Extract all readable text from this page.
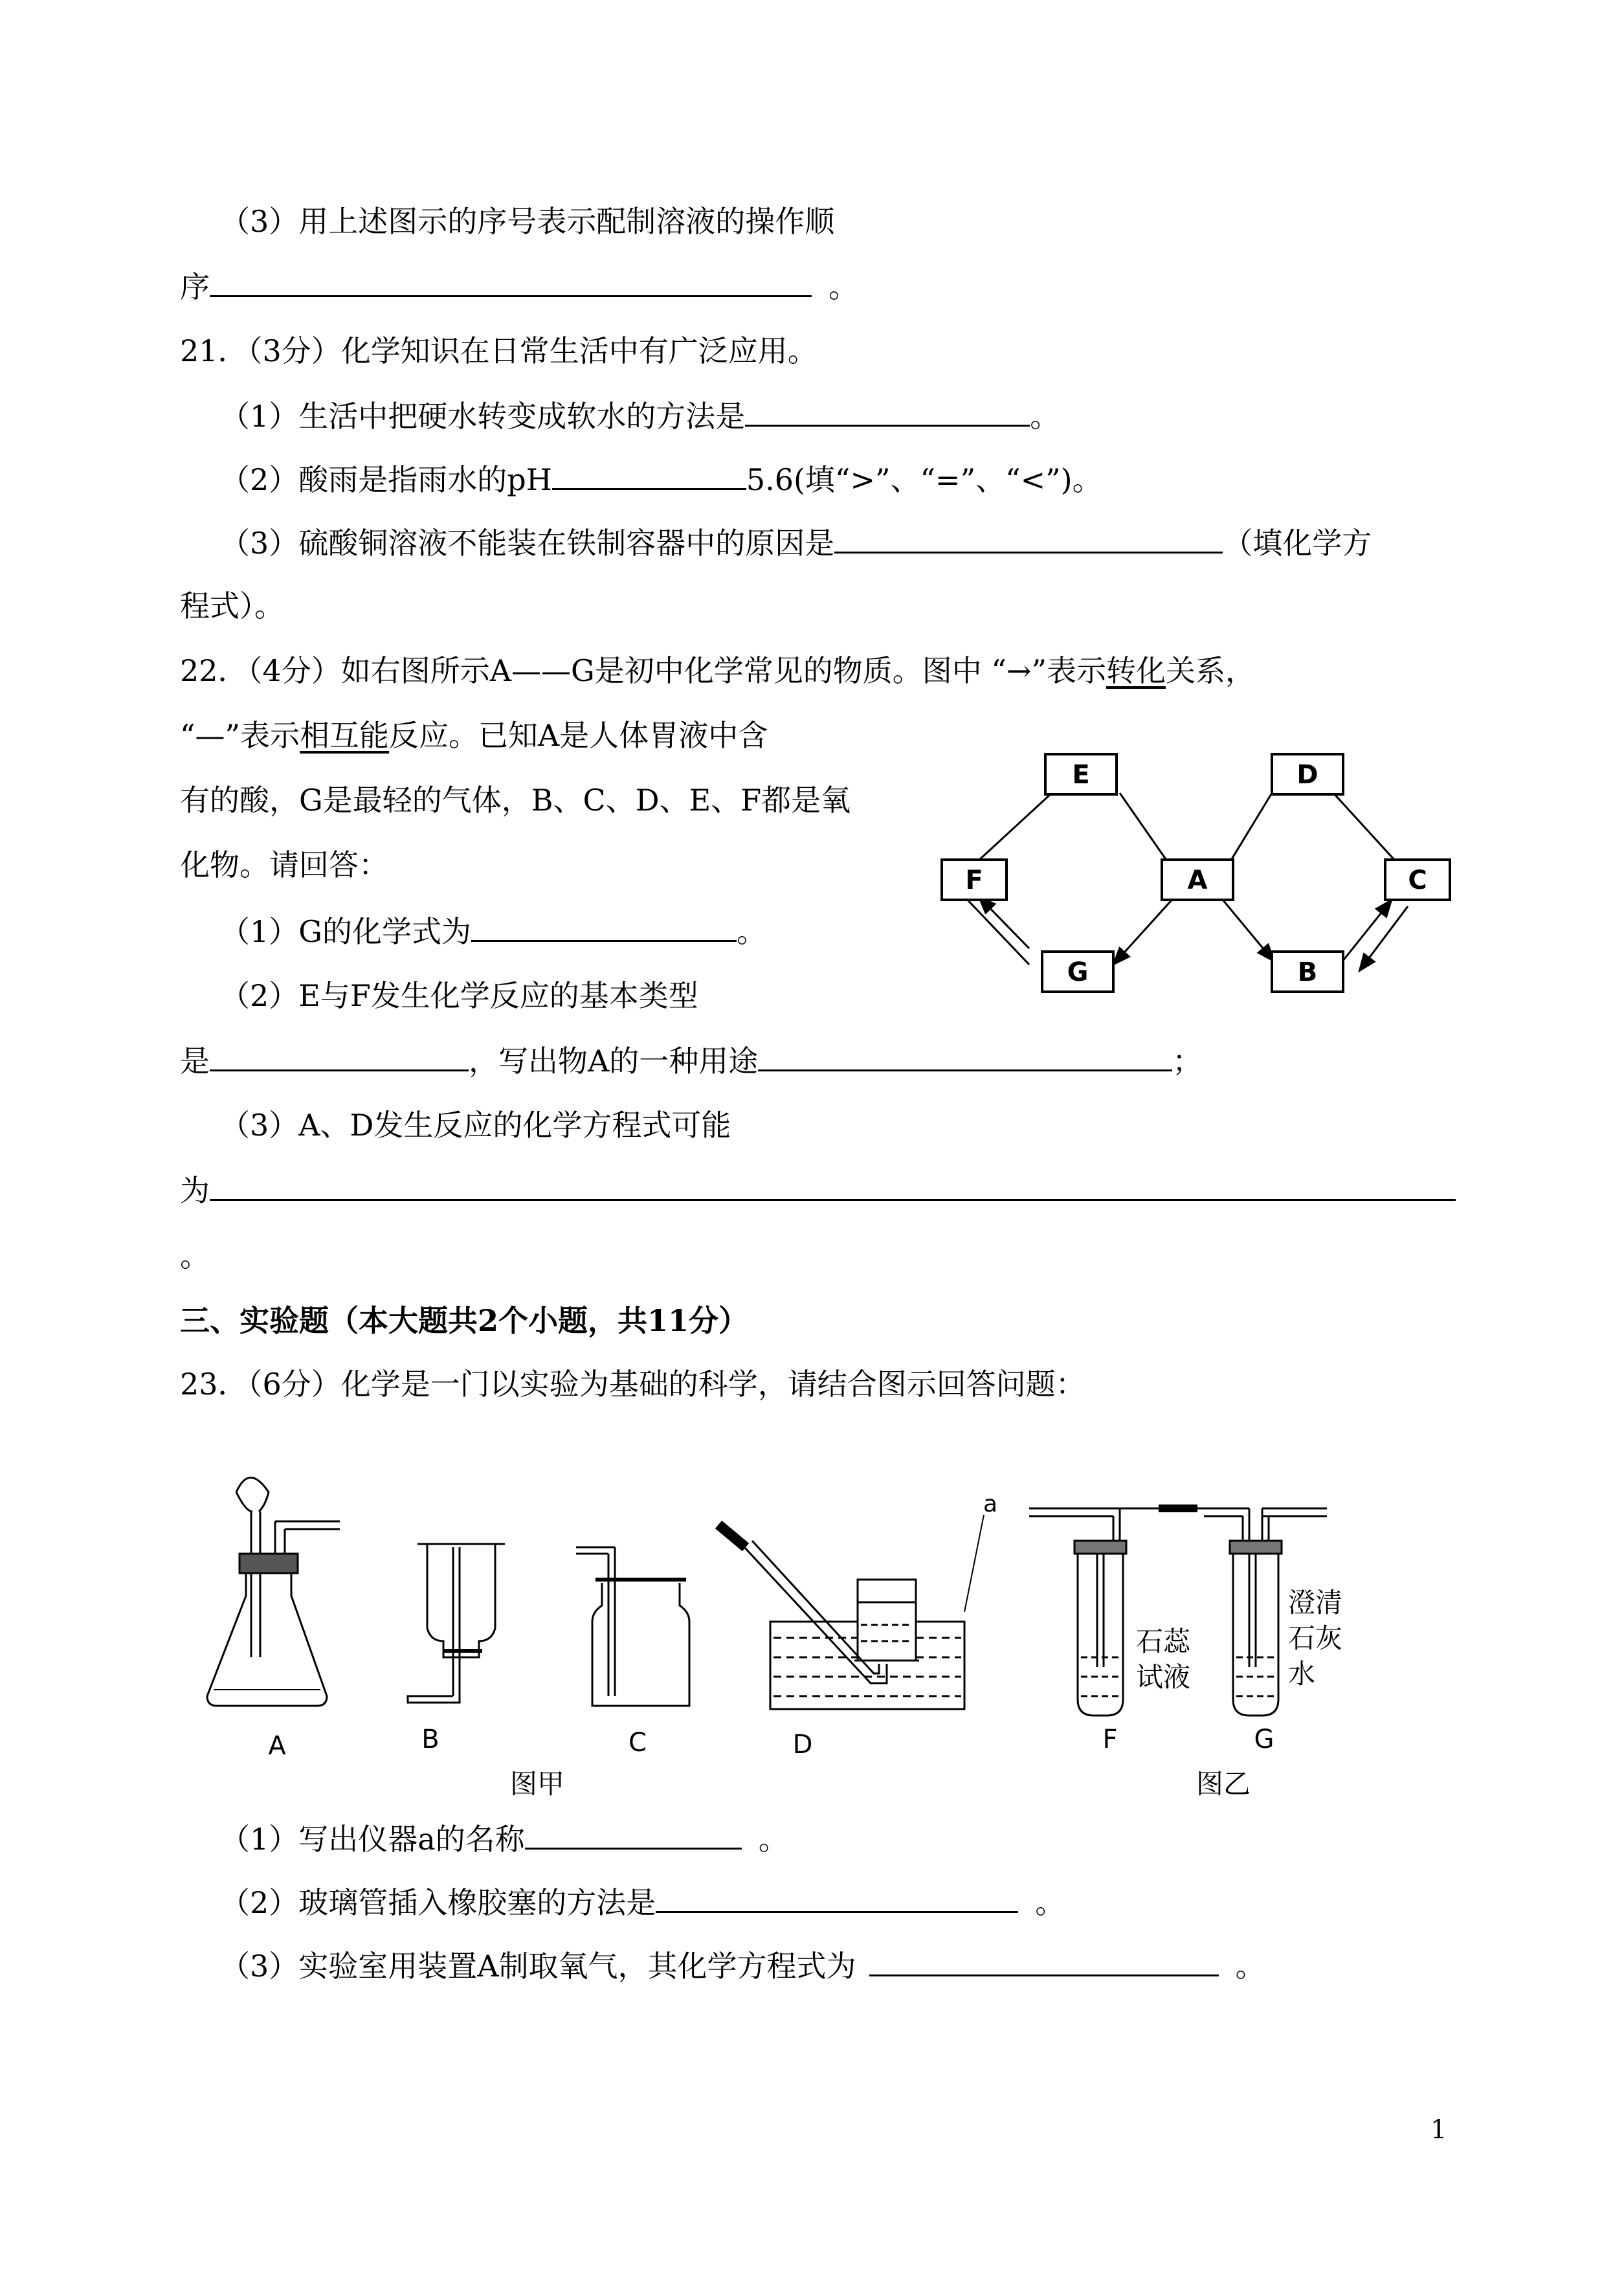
（3）用上述图示的序号表示配制溶液的操作顺
序	。
21．（3分）化学知识在日常生活中有广泛应用。
（1）生活中把硬水转变成软水的方法是	。
（2）酸雨是指雨水的pH	5.6(填“>”、“=”、“<”)。
（3）硫酸铜溶液不能装在铁制容器中的原因是	（填化学方
程式）。
22．（4分）如右图所示A——G是初中化学常见的物质。图中 “→”表示转化关系，
“—”表示相互能反应。已知A是人体胃液中含
有的酸，G是最轻的气体，B、C、D、E、F都是氧
化物。请回答：
（1）G的化学式为	。
（2）E与F发生化学反应的基本类型
是	，写出物A的一种用途	；
（3）A、D发生反应的化学方程式可能
为
。
E	D
F	A	C
G	B
三、实验题（本大题共2个小题，共11分）
23．（6分）化学是一门以实验为基础的科学，请结合图示回答问题：
A	B	C	D	F	G
a
图甲	图乙
石蕊
试液
澄清
石灰
水
（1）写出仪器a的名称	。
（2）玻璃管插入橡胶塞的方法是	。
（3）实验室用装置A制取氧气，其化学方程式为	。
1
